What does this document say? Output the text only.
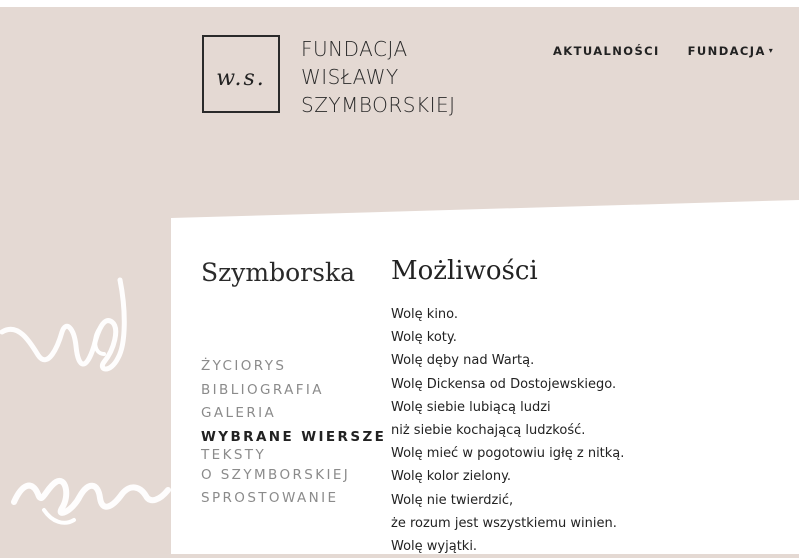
w.s.
FUNDACJA
WISŁAWY
SZYMBORSKIEJ
AKTUALNOŚCI FUNDACJA ▾
Szymborska
ŻYCIORYS
BIBLIOGRAFIA
GALERIA
WYBRANE WIERSZE
TEKSTY
O SZYMBORSKIEJ
SPROSTOWANIE
Możliwości
Wolę kino.
Wolę koty.
Wolę dęby nad Wartą.
Wolę Dickensa od Dostojewskiego.
Wolę siebie lubiącą ludzi
niż siebie kochającą ludzkość.
Wolę mieć w pogotowiu igłę z nitką.
Wolę kolor zielony.
Wolę nie twierdzić,
że rozum jest wszystkiemu winien.
Wolę wyjątki.
